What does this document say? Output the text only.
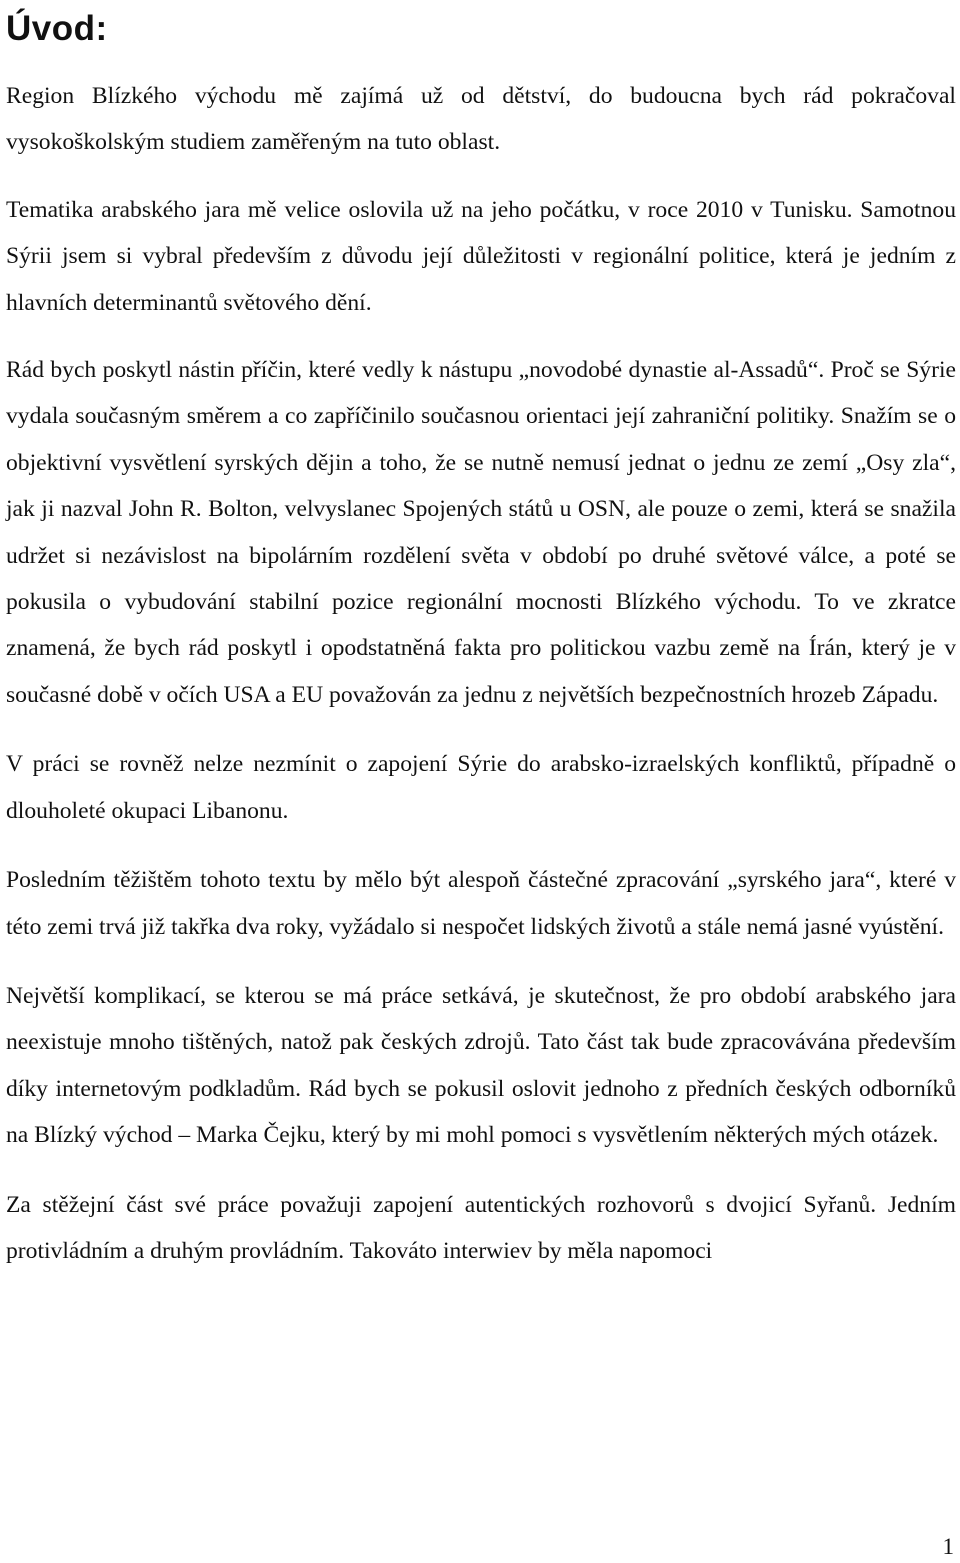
Úvod:

Region Blízkého východu mě zajímá už od dětství, do budoucna bych rád pokračoval vysokoškolským studiem zaměřeným na tuto oblast.

Tematika arabského jara mě velice oslovila už na jeho počátku, v roce 2010 v Tunisku. Samotnou Sýrii jsem si vybral především z důvodu její důležitosti v regionální politice, která je jedním z hlavních determinantů světového dění.

Rád bych poskytl nástin příčin, které vedly k nástupu „novodobé dynastie al-Assadů“. Proč se Sýrie vydala současným směrem a co zapříčinilo současnou orientaci její zahraniční politiky. Snažím se o objektivní vysvětlení syrských dějin a toho, že se nutně nemusí jednat o jednu ze zemí „Osy zla“, jak ji nazval John R. Bolton, velvyslanec Spojených států u OSN, ale pouze o zemi, která se snažila udržet si nezávislost na bipolárním rozdělení světa v období po druhé světové válce, a poté se pokusila o vybudování stabilní pozice regionální mocnosti Blízkého východu. To ve zkratce znamená, že bych rád poskytl i opodstatněná fakta pro politickou vazbu země na Írán, který je v současné době v očích USA a EU považován za jednu z největších bezpečnostních hrozeb Západu.

V práci se rovněž nelze nezmínit o zapojení Sýrie do arabsko-izraelských konfliktů, případně o dlouholeté okupaci Libanonu.

Posledním těžištěm tohoto textu by mělo být alespoň částečné zpracování „syrského jara“, které v této zemi trvá již takřka dva roky, vyžádalo si nespočet lidských životů a stále nemá jasné vyústění.

Největší komplikací, se kterou se má práce setkává, je skutečnost, že pro období arabského jara neexistuje mnoho tištěných, natož pak českých zdrojů. Tato část tak bude zpracovávána především díky internetovým podkladům. Rád bych se pokusil oslovit jednoho z předních českých odborníků na Blízký východ – Marka Čejku, který by mi mohl pomoci s vysvětlením některých mých otázek.

Za stěžejní část své práce považuji zapojení autentických rozhovorů s dvojicí Syřanů. Jedním protivládním a druhým provládním. Takováto interwiev by měla napomoci

1
